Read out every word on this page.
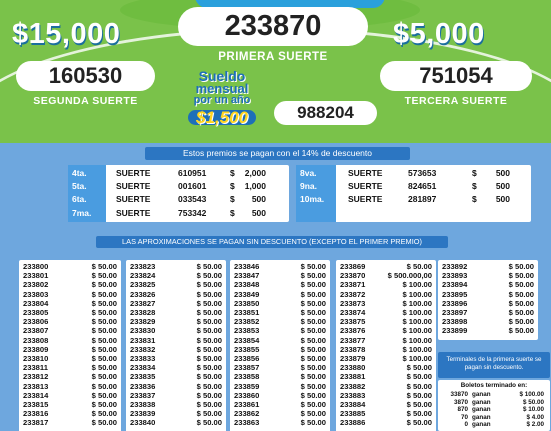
$15,000	$5,000
233870
PRIMERA SUERTE
160530
SEGUNDA SUERTE
751054
TERCERA SUERTE
Sueldo
mensual
por un año
$1,500	988204
Estos premios se pagan con el 14% de descuento
4ta.	SUERTE	610951	$	2,000
5ta.	SUERTE	001601	$	1,000
6ta.	SUERTE	033543	$	500
7ma.	SUERTE	753342	$	500
8va.	SUERTE	573653	$	500
9na.	SUERTE	824651	$	500
10ma.	SUERTE	281897	$	500
LAS APROXIMACIONES SE PAGAN SIN DESCUENTO (EXCEPTO EL PRIMER PREMIO)
233800	$ 50.00
233801	$ 50.00
233802	$ 50.00
233803	$ 50.00
233804	$ 50.00
233805	$ 50.00
233806	$ 50.00
233807	$ 50.00
233808	$ 50.00
233809	$ 50.00
233810	$ 50.00
233811	$ 50.00
233812	$ 50.00
233813	$ 50.00
233814	$ 50.00
233815	$ 50.00
233816	$ 50.00
233817	$ 50.00
233823	$ 50.00
233824	$ 50.00
233825	$ 50.00
233826	$ 50.00
233827	$ 50.00
233828	$ 50.00
233829	$ 50.00
233830	$ 50.00
233831	$ 50.00
233832	$ 50.00
233833	$ 50.00
233834	$ 50.00
233835	$ 50.00
233836	$ 50.00
233837	$ 50.00
233838	$ 50.00
233839	$ 50.00
233840	$ 50.00
233846	$ 50.00
233847	$ 50.00
233848	$ 50.00
233849	$ 50.00
233850	$ 50.00
233851	$ 50.00
233852	$ 50.00
233853	$ 50.00
233854	$ 50.00
233855	$ 50.00
233856	$ 50.00
233857	$ 50.00
233858	$ 50.00
233859	$ 50.00
233860	$ 50.00
233861	$ 50.00
233862	$ 50.00
233863	$ 50.00
233869	$ 50.00
233870	$ 500.000,00
233871	$ 100.00
233872	$ 100.00
233873	$ 100.00
233874	$ 100.00
233875	$ 100.00
233876	$ 100.00
233877	$ 100.00
233878	$ 100.00
233879	$ 100.00
233880	$ 50.00
233881	$ 50.00
233882	$ 50.00
233883	$ 50.00
233884	$ 50.00
233885	$ 50.00
233886	$ 50.00
233892	$ 50.00
233893	$ 50.00
233894	$ 50.00
233895	$ 50.00
233896	$ 50.00
233897	$ 50.00
233898	$ 50.00
233899	$ 50.00
Terminales de la primera suerte se pagan sin descuento.
Boletos terminado en:
33870 ganan	$ 100.00
3870 ganan	$ 50.00
870 ganan	$ 10.00
70 ganan	$ 4.00
0 ganan	$ 2.00
